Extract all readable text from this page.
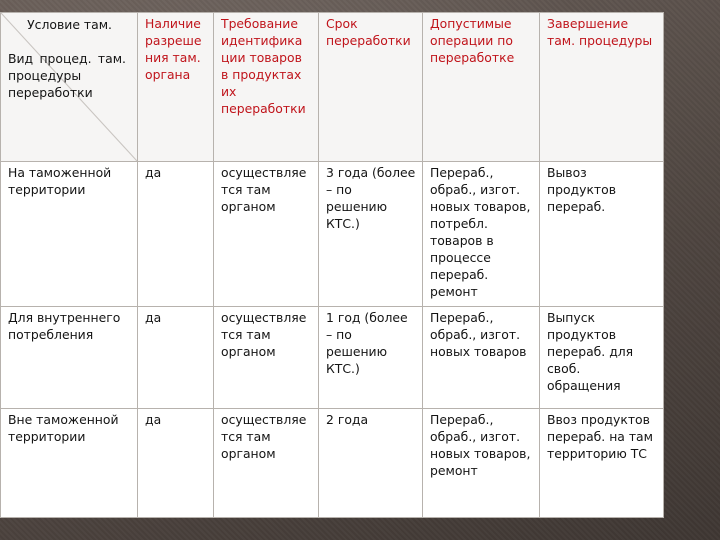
Условие там.
Вид процед. там. процедуры переработки	Наличие разреше ния там. органа	Требование идентифика ции товаров в продуктах их переработки	Срок переработки	Допустимые операции по переработке	Завершение там. процедуры
На таможенной территории	да	осуществляе тся там органом	3 года (более – по решению КТС.)	Перераб., обраб., изгот. новых товаров, потребл. товаров в процессе перераб. ремонт	Вывоз продуктов перераб.
Для внутреннего потребления	да	осуществляе тся там органом	1 год (более – по решению КТС.)	Перераб., обраб., изгот. новых товаров	Выпуск продуктов перераб. для своб. обращения
Вне таможенной территории	да	осуществляе тся там органом	2 года	Перераб., обраб., изгот. новых товаров, ремонт	Ввоз продуктов перераб. на там территорию ТС
